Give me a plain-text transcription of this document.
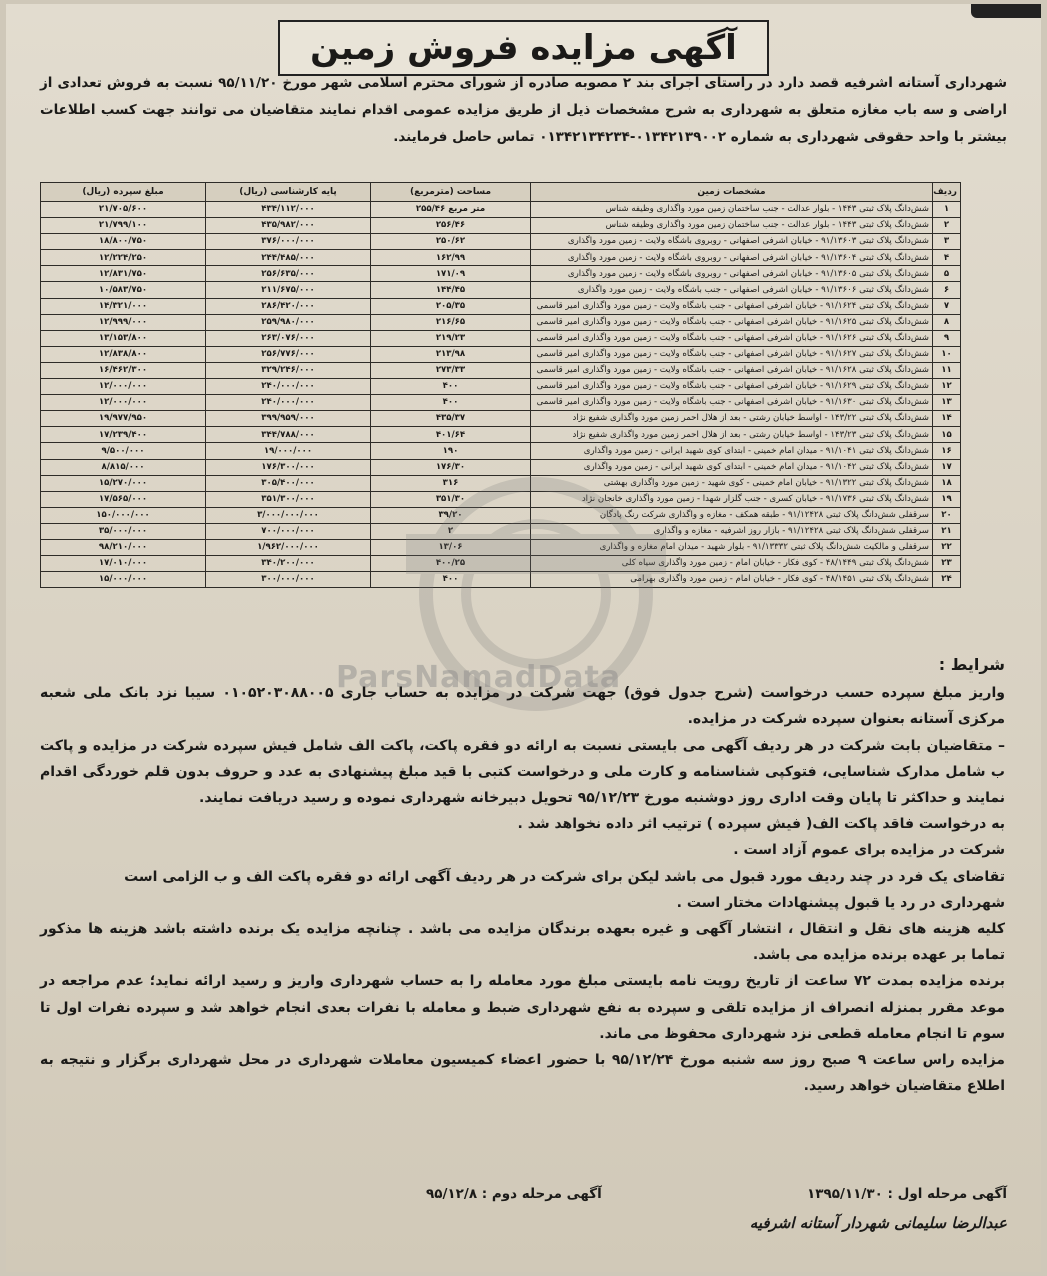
آگهی مزایده فروش زمین
شهرداری آستانه اشرفیه قصد دارد در راستای اجرای بند ۲ مصوبه صادره از شورای محترم اسلامی شهر مورخ ۹۵/۱۱/۲۰ نسبت به فروش تعدادی از اراضی و سه باب مغازه متعلق به شهرداری به شرح مشخصات ذیل از طریق مزایده عمومی اقدام نمایند متقاضیان می توانند جهت کسب اطلاعات بیشتر با واحد حقوقی شهرداری به شماره ۰۱۳۴۲۱۳۹۰۰۲-۰۱۳۴۲۱۳۴۲۳۴ تماس حاصل فرمایند.
ردیف	مشخصات زمین	مساحت (مترمربع)	پایه کارشناسی (ریال)	مبلغ سپرده (ریال)
۱	شش‌دانگ پلاک ثبتی ۱۴۴۳ - بلوار عدالت - جنب ساختمان زمین مورد واگذاری وظیفه شناس	۲۵۵/۴۶ متر مربع	۴۳۴/۱۱۲/۰۰۰	۲۱/۷۰۵/۶۰۰
۲	شش‌دانگ پلاک ثبتی ۱۴۴۳ - بلوار عدالت - جنب ساختمان زمین مورد واگذاری وظیفه شناس	۲۵۶/۴۶	۴۳۵/۹۸۲/۰۰۰	۲۱/۷۹۹/۱۰۰
۳	شش‌دانگ پلاک ثبتی ۹۱/۱۳۶۰۳ - خیابان اشرفی اصفهانی - روبروی باشگاه ولایت - زمین مورد واگذاری	۲۵۰/۶۲	۳۷۶/۰۰۰/۰۰۰	۱۸/۸۰۰/۷۵۰
۴	شش‌دانگ پلاک ثبتی ۹۱/۱۳۶۰۴ - خیابان اشرفی اصفهانی - روبروی باشگاه ولایت - زمین مورد واگذاری	۱۶۲/۹۹	۲۴۴/۴۸۵/۰۰۰	۱۲/۲۲۴/۲۵۰
۵	شش‌دانگ پلاک ثبتی ۹۱/۱۳۶۰۵ - خیابان اشرفی اصفهانی - روبروی باشگاه ولایت - زمین مورد واگذاری	۱۷۱/۰۹	۲۵۶/۶۳۵/۰۰۰	۱۲/۸۳۱/۷۵۰
۶	شش‌دانگ پلاک ثبتی ۹۱/۱۳۶۰۶ - خیابان اشرفی اصفهانی - جنب باشگاه ولایت - زمین مورد واگذاری	۱۴۴/۴۵	۲۱۱/۶۷۵/۰۰۰	۱۰/۵۸۳/۷۵۰
۷	شش‌دانگ پلاک ثبتی ۹۱/۱۶۲۴ - خیابان اشرفی اصفهانی - جنب باشگاه ولایت - زمین مورد واگذاری امیر قاسمی	۲۰۵/۳۵	۲۸۶/۴۲۰/۰۰۰	۱۴/۳۲۱/۰۰۰
۸	شش‌دانگ پلاک ثبتی ۹۱/۱۶۲۵ - خیابان اشرفی اصفهانی - جنب باشگاه ولایت - زمین مورد واگذاری امیر قاسمی	۲۱۶/۶۵	۲۵۹/۹۸۰/۰۰۰	۱۲/۹۹۹/۰۰۰
۹	شش‌دانگ پلاک ثبتی ۹۱/۱۶۲۶ - خیابان اشرفی اصفهانی - جنب باشگاه ولایت - زمین مورد واگذاری امیر قاسمی	۲۱۹/۲۳	۲۶۳/۰۷۶/۰۰۰	۱۳/۱۵۳/۸۰۰
۱۰	شش‌دانگ پلاک ثبتی ۹۱/۱۶۲۷ - خیابان اشرفی اصفهانی - جنب باشگاه ولایت - زمین مورد واگذاری امیر قاسمی	۲۱۳/۹۸	۲۵۶/۷۷۶/۰۰۰	۱۲/۸۳۸/۸۰۰
۱۱	شش‌دانگ پلاک ثبتی ۹۱/۱۶۲۸ - خیابان اشرفی اصفهانی - جنب باشگاه ولایت - زمین مورد واگذاری امیر قاسمی	۲۷۳/۳۳	۳۲۹/۲۴۶/۰۰۰	۱۶/۴۶۲/۳۰۰
۱۲	شش‌دانگ پلاک ثبتی ۹۱/۱۶۲۹ - خیابان اشرفی اصفهانی - جنب باشگاه ولایت - زمین مورد واگذاری امیر قاسمی	۴۰۰	۲۴۰/۰۰۰/۰۰۰	۱۲/۰۰۰/۰۰۰
۱۳	شش‌دانگ پلاک ثبتی ۹۱/۱۶۳۰ - خیابان اشرفی اصفهانی - جنب باشگاه ولایت - زمین مورد واگذاری امیر قاسمی	۴۰۰	۲۴۰/۰۰۰/۰۰۰	۱۲/۰۰۰/۰۰۰
۱۴	شش‌دانگ پلاک ثبتی ۱۴۳/۲۲ - اواسط خیابان رشتی - بعد از هلال احمر زمین مورد واگذاری شفیع نژاد	۴۳۵/۳۷	۳۹۹/۹۵۹/۰۰۰	۱۹/۹۷۷/۹۵۰
۱۵	شش‌دانگ پلاک ثبتی ۱۴۳/۲۳ - اواسط خیابان رشتی - بعد از هلال احمر زمین مورد واگذاری شفیع نژاد	۴۰۱/۶۴	۳۴۴/۷۸۸/۰۰۰	۱۷/۲۳۹/۴۰۰
۱۶	شش‌دانگ پلاک ثبتی ۹۱/۱۰۴۱ - میدان امام خمینی - ابتدای کوی شهید ایرانی - زمین مورد واگذاری	۱۹۰	۱۹/۰۰۰/۰۰۰	۹/۵۰۰/۰۰۰
۱۷	شش‌دانگ پلاک ثبتی ۹۱/۱۰۴۲ - میدان امام خمینی - ابتدای کوی شهید ایرانی - زمین مورد واگذاری	۱۷۶/۳۰	۱۷۶/۳۰۰/۰۰۰	۸/۸۱۵/۰۰۰
۱۸	شش‌دانگ پلاک ثبتی ۹۱/۱۳۲۲ - خیابان امام خمینی - کوی شهید - زمین مورد واگذاری بهشتی	۳۱۶	۳۰۵/۴۰۰/۰۰۰	۱۵/۲۷۰/۰۰۰
۱۹	شش‌دانگ پلاک ثبتی ۹۱/۱۷۳۶ - خیابان کسری - جنب گلزار شهدا - زمین مورد واگذاری خانجان نژاد	۳۵۱/۳۰	۳۵۱/۳۰۰/۰۰۰	۱۷/۵۶۵/۰۰۰
۲۰	سرقفلی شش‌دانگ پلاک ثبتی ۹۱/۱۲۴۲۸ - طبقه همکف - مغازه و واگذاری شرکت رنگ پادگان	۳۹/۲۰	۳/۰۰۰/۰۰۰/۰۰۰	۱۵۰/۰۰۰/۰۰۰
۲۱	سرقفلی شش‌دانگ پلاک ثبتی ۹۱/۱۲۴۲۸ - بازار روز اشرفیه - مغازه و واگذاری	۲	۷۰۰/۰۰۰/۰۰۰	۳۵/۰۰۰/۰۰۰
۲۲	سرقفلی و مالکیت شش‌دانگ پلاک ثبتی ۹۱/۱۳۳۳۲ - بلوار شهید - میدان امام مغازه و واگذاری	۱۳/۰۶	۱/۹۶۲/۰۰۰/۰۰۰	۹۸/۲۱۰/۰۰۰
۲۳	شش‌دانگ پلاک ثبتی ۴۸/۱۴۴۹ - کوی فکار - خیابان امام - زمین مورد واگذاری سیاه کلی	۴۰۰/۲۵	۳۴۰/۲۰۰/۰۰۰	۱۷/۰۱۰/۰۰۰
۲۴	شش‌دانگ پلاک ثبتی ۴۸/۱۴۵۱ - کوی فکار - خیابان امام - زمین مورد واگذاری بهرامی	۴۰۰	۳۰۰/۰۰۰/۰۰۰	۱۵/۰۰۰/۰۰۰
ParsNamadData	شرایط :

واریز مبلغ سپرده حسب درخواست (شرح جدول فوق) جهت شرکت در مزایده به حساب جاری ۰۱۰۵۲۰۳۰۸۸۰۰۵ سیبا نزد بانک ملی شعبه مرکزی آستانه بعنوان سپرده شرکت در مزایده.

– متقاضیان بابت شرکت در هر ردیف آگهی می بایستی نسبت به ارائه دو فقره پاکت، پاکت الف شامل فیش سپرده شرکت در مزایده و پاکت ب شامل مدارک شناسایی، فتوکپی شناسنامه و کارت ملی و درخواست کتبی با قید مبلغ پیشنهادی به عدد و حروف بدون قلم خوردگی اقدام نمایند و حداکثر تا پایان وقت اداری روز دوشنبه مورخ ۹۵/۱۲/۲۳ تحویل دبیرخانه شهرداری نموده و رسید دریافت نمایند.

به درخواست فاقد پاکت الف( فیش سپرده ) ترتیب اثر داده نخواهد شد .

شرکت در مزایده برای عموم آزاد است .

تقاضای یک فرد در چند ردیف مورد قبول می باشد لیکن برای شرکت در هر ردیف آگهی ارائه دو فقره پاکت الف و ب الزامی است

شهرداری در رد یا قبول پیشنهادات مختار است .

کلیه هزینه های نقل و انتقال ، انتشار آگهی و غیره بعهده برندگان مزایده می باشد . چنانچه مزایده یک برنده داشته باشد هزینه ها مذکور تماما بر عهده برنده مزایده می باشد.

برنده مزایده بمدت ۷۲ ساعت از تاریخ رویت نامه بایستی مبلغ مورد معامله را به حساب شهرداری واریز و رسید ارائه نماید؛ عدم مراجعه در موعد مقرر بمنزله انصراف از مزایده تلقی و سپرده به نفع شهرداری ضبط و معامله با نفرات بعدی انجام خواهد شد و سپرده نفرات اول تا سوم تا انجام معامله قطعی نزد شهرداری محفوظ می ماند.

مزایده راس ساعت ۹ صبح روز سه شنبه مورخ ۹۵/۱۲/۲۴ با حضور اعضاء کمیسیون معاملات شهرداری در محل شهرداری برگزار و نتیجه به اطلاع متقاضیان خواهد رسید.

آگهی مرحله اول : ۱۳۹۵/۱۱/۳۰
آگهی مرحله دوم : ۹۵/۱۲/۸
عبدالرضا سلیمانی شهردار آستانه اشرفیه
